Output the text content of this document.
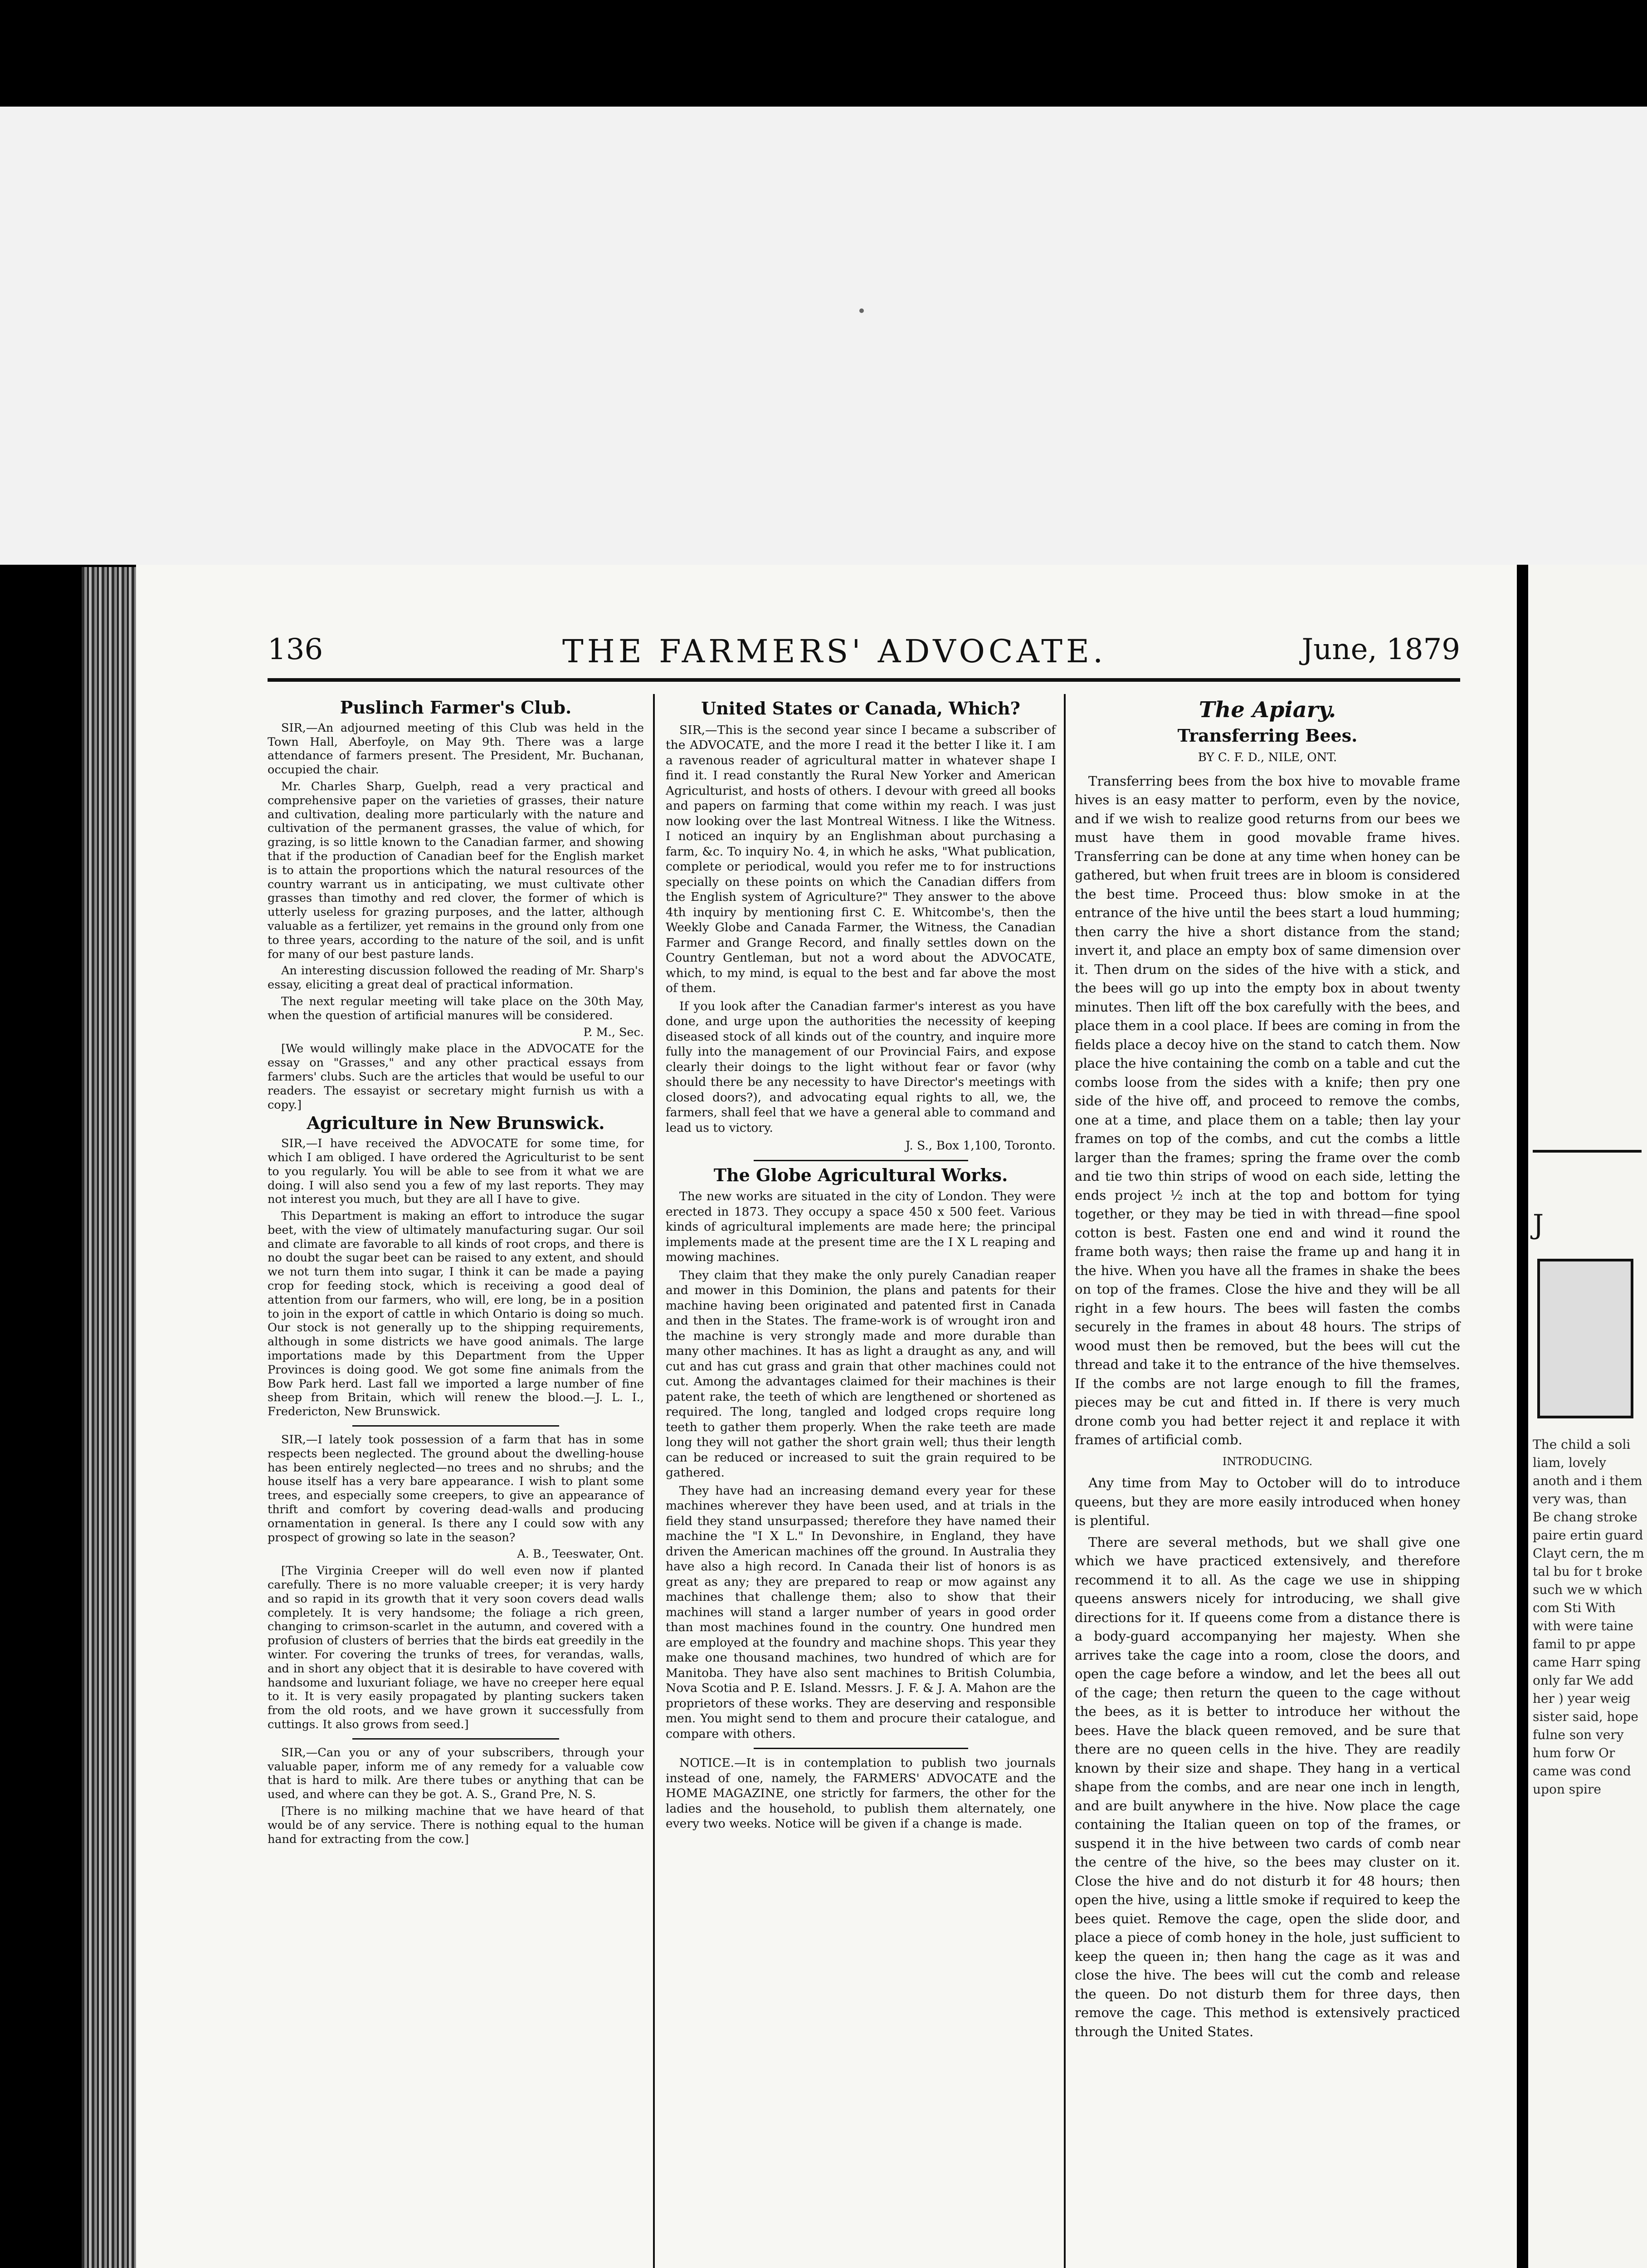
J
The child a soli liam, lovely anoth and i them very was, than Be chang stroke paire ertin guard Clayt cern, the m tal bu for t broke such we w which com Sti With with were taine famil to pr appe came Harr sping only far We add her ) year weig sister said, hope fulne son very hum forw Or came was cond upon spire
136	THE FARMERS' ADVOCATE.	June, 1879
Puslinch Farmer's Club.

SIR,—An adjourned meeting of this Club was held in the Town Hall, Aberfoyle, on May 9th. There was a large attendance of farmers present. The President, Mr. Buchanan, occupied the chair.

Mr. Charles Sharp, Guelph, read a very practical and comprehensive paper on the varieties of grasses, their nature and cultivation, dealing more particularly with the nature and cultivation of the permanent grasses, the value of which, for grazing, is so little known to the Canadian farmer, and showing that if the production of Canadian beef for the English market is to attain the proportions which the natural resources of the country warrant us in anticipating, we must cultivate other grasses than timothy and red clover, the former of which is utterly useless for grazing purposes, and the latter, although valuable as a fertilizer, yet remains in the ground only from one to three years, according to the nature of the soil, and is unfit for many of our best pasture lands.

An interesting discussion followed the reading of Mr. Sharp's essay, eliciting a great deal of practical information.

The next regular meeting will take place on the 30th May, when the question of artificial manures will be considered.

P. M., Sec.

[We would willingly make place in the ADVOCATE for the essay on "Grasses," and any other practical essays from farmers' clubs. Such are the articles that would be useful to our readers. The essayist or secretary might furnish us with a copy.]

Agriculture in New Brunswick.

SIR,—I have received the ADVOCATE for some time, for which I am obliged. I have ordered the Agriculturist to be sent to you regularly. You will be able to see from it what we are doing. I will also send you a few of my last reports. They may not interest you much, but they are all I have to give.

This Department is making an effort to introduce the sugar beet, with the view of ultimately manufacturing sugar. Our soil and climate are favorable to all kinds of root crops, and there is no doubt the sugar beet can be raised to any extent, and should we not turn them into sugar, I think it can be made a paying crop for feeding stock, which is receiving a good deal of attention from our farmers, who will, ere long, be in a position to join in the export of cattle in which Ontario is doing so much. Our stock is not generally up to the shipping requirements, although in some districts we have good animals. The large importations made by this Department from the Upper Provinces is doing good. We got some fine animals from the Bow Park herd. Last fall we imported a large number of fine sheep from Britain, which will renew the blood.—J. L. I., Fredericton, New Brunswick.

SIR,—I lately took possession of a farm that has in some respects been neglected. The ground about the dwelling-house has been entirely neglected—no trees and no shrubs; and the house itself has a very bare appearance. I wish to plant some trees, and especially some creepers, to give an appearance of thrift and comfort by covering dead-walls and producing ornamentation in general. Is there any I could sow with any prospect of growing so late in the season?

A. B., Teeswater, Ont.

[The Virginia Creeper will do well even now if planted carefully. There is no more valuable creeper; it is very hardy and so rapid in its growth that it very soon covers dead walls completely. It is very handsome; the foliage a rich green, changing to crimson-scarlet in the autumn, and covered with a profusion of clusters of berries that the birds eat greedily in the winter. For covering the trunks of trees, for verandas, walls, and in short any object that it is desirable to have covered with handsome and luxuriant foliage, we have no creeper here equal to it. It is very easily propagated by planting suckers taken from the old roots, and we have grown it successfully from cuttings. It also grows from seed.]

SIR,—Can you or any of your subscribers, through your valuable paper, inform me of any remedy for a valuable cow that is hard to milk. Are there tubes or anything that can be used, and where can they be got. A. S., Grand Pre, N. S.

[There is no milking machine that we have heard of that would be of any service. There is nothing equal to the human hand for extracting from the cow.]

United States or Canada, Which?

SIR,—This is the second year since I became a subscriber of the ADVOCATE, and the more I read it the better I like it. I am a ravenous reader of agricultural matter in whatever shape I find it. I read constantly the Rural New Yorker and American Agriculturist, and hosts of others. I devour with greed all books and papers on farming that come within my reach. I was just now looking over the last Montreal Witness. I like the Witness. I noticed an inquiry by an Englishman about purchasing a farm, &c. To inquiry No. 4, in which he asks, "What publication, complete or periodical, would you refer me to for instructions specially on these points on which the Canadian differs from the English system of Agriculture?" They answer to the above 4th inquiry by mentioning first C. E. Whitcombe's, then the Weekly Globe and Canada Farmer, the Witness, the Canadian Farmer and Grange Record, and finally settles down on the Country Gentleman, but not a word about the ADVOCATE, which, to my mind, is equal to the best and far above the most of them.

If you look after the Canadian farmer's interest as you have done, and urge upon the authorities the necessity of keeping diseased stock of all kinds out of the country, and inquire more fully into the management of our Provincial Fairs, and expose clearly their doings to the light without fear or favor (why should there be any necessity to have Director's meetings with closed doors?), and advocating equal rights to all, we, the farmers, shall feel that we have a general able to command and lead us to victory.

J. S., Box 1,100, Toronto.

The Globe Agricultural Works.

The new works are situated in the city of London. They were erected in 1873. They occupy a space 450 x 500 feet. Various kinds of agricultural implements are made here; the principal implements made at the present time are the I X L reaping and mowing machines.

They claim that they make the only purely Canadian reaper and mower in this Dominion, the plans and patents for their machine having been originated and patented first in Canada and then in the States. The frame-work is of wrought iron and the machine is very strongly made and more durable than many other machines. It has as light a draught as any, and will cut and has cut grass and grain that other machines could not cut. Among the advantages claimed for their machines is their patent rake, the teeth of which are lengthened or shortened as required. The long, tangled and lodged crops require long teeth to gather them properly. When the rake teeth are made long they will not gather the short grain well; thus their length can be reduced or increased to suit the grain required to be gathered.

They have had an increasing demand every year for these machines wherever they have been used, and at trials in the field they stand unsurpassed; therefore they have named their machine the "I X L." In Devonshire, in England, they have driven the American machines off the ground. In Australia they have also a high record. In Canada their list of honors is as great as any; they are prepared to reap or mow against any machines that challenge them; also to show that their machines will stand a larger number of years in good order than most machines found in the country. One hundred men are employed at the foundry and machine shops. This year they make one thousand machines, two hundred of which are for Manitoba. They have also sent machines to British Columbia, Nova Scotia and P. E. Island. Messrs. J. F. & J. A. Mahon are the proprietors of these works. They are deserving and responsible men. You might send to them and procure their catalogue, and compare with others.

NOTICE.—It is in contemplation to publish two journals instead of one, namely, the FARMERS' ADVOCATE and the HOME MAGAZINE, one strictly for farmers, the other for the ladies and the household, to publish them alternately, one every two weeks. Notice will be given if a change is made.

The Apiary.
Transferring Bees.
BY C. F. D., NILE, ONT.

Transferring bees from the box hive to movable frame hives is an easy matter to perform, even by the novice, and if we wish to realize good returns from our bees we must have them in good movable frame hives. Transferring can be done at any time when honey can be gathered, but when fruit trees are in bloom is considered the best time. Proceed thus: blow smoke in at the entrance of the hive until the bees start a loud humming; then carry the hive a short distance from the stand; invert it, and place an empty box of same dimension over it. Then drum on the sides of the hive with a stick, and the bees will go up into the empty box in about twenty minutes. Then lift off the box carefully with the bees, and place them in a cool place. If bees are coming in from the fields place a decoy hive on the stand to catch them. Now place the hive containing the comb on a table and cut the combs loose from the sides with a knife; then pry one side of the hive off, and proceed to remove the combs, one at a time, and place them on a table; then lay your frames on top of the combs, and cut the combs a little larger than the frames; spring the frame over the comb and tie two thin strips of wood on each side, letting the ends project ½ inch at the top and bottom for tying together, or they may be tied in with thread—fine spool cotton is best. Fasten one end and wind it round the frame both ways; then raise the frame up and hang it in the hive. When you have all the frames in shake the bees on top of the frames. Close the hive and they will be all right in a few hours. The bees will fasten the combs securely in the frames in about 48 hours. The strips of wood must then be removed, but the bees will cut the thread and take it to the entrance of the hive themselves. If the combs are not large enough to fill the frames, pieces may be cut and fitted in. If there is very much drone comb you had better reject it and replace it with frames of artificial comb.

INTRODUCING.

Any time from May to October will do to introduce queens, but they are more easily introduced when honey is plentiful.

There are several methods, but we shall give one which we have practiced extensively, and therefore recommend it to all. As the cage we use in shipping queens answers nicely for introducing, we shall give directions for it. If queens come from a distance there is a body-guard accompanying her majesty. When she arrives take the cage into a room, close the doors, and open the cage before a window, and let the bees all out of the cage; then return the queen to the cage without the bees, as it is better to introduce her without the bees. Have the black queen removed, and be sure that there are no queen cells in the hive. They are readily known by their size and shape. They hang in a vertical shape from the combs, and are near one inch in length, and are built anywhere in the hive. Now place the cage containing the Italian queen on top of the frames, or suspend it in the hive between two cards of comb near the centre of the hive, so the bees may cluster on it. Close the hive and do not disturb it for 48 hours; then open the hive, using a little smoke if required to keep the bees quiet. Remove the cage, open the slide door, and place a piece of comb honey in the hole, just sufficient to keep the queen in; then hang the cage as it was and close the hive. The bees will cut the comb and release the queen. Do not disturb them for three days, then remove the cage. This method is extensively practiced through the United States.
